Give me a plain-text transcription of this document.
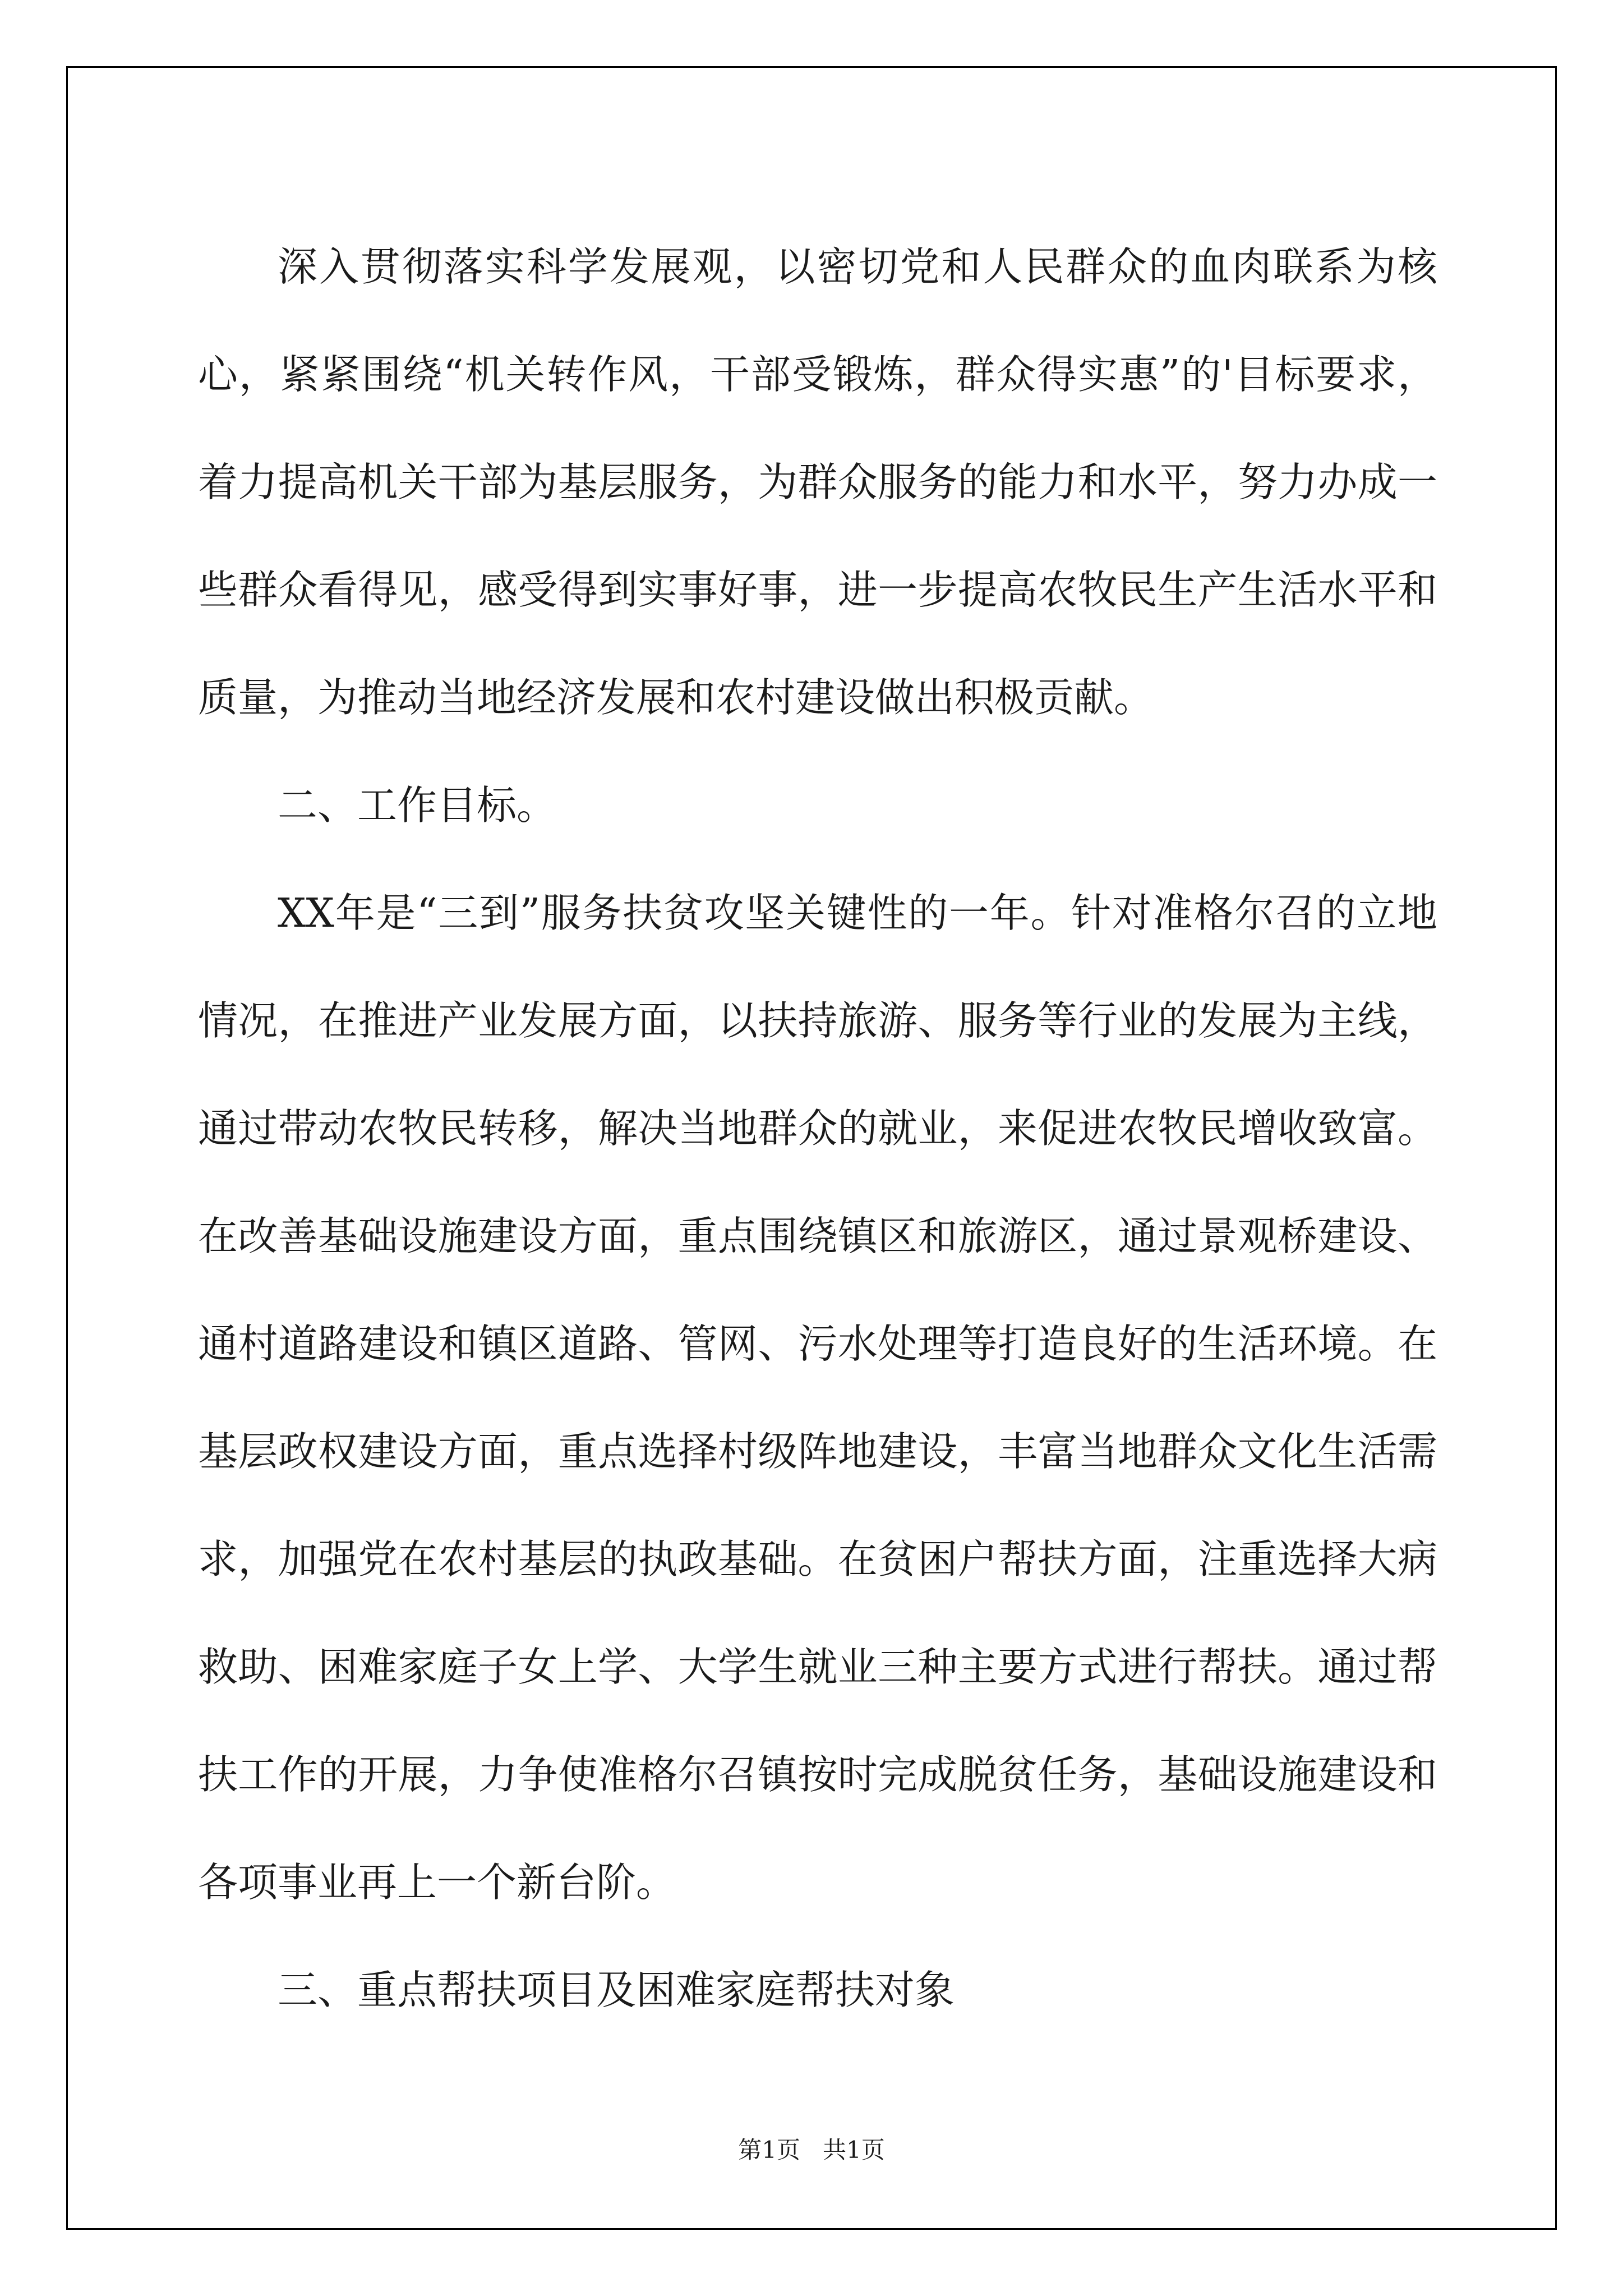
深入贯彻落实科学发展观，以密切党和人民群众的血肉联系为核心，紧紧围绕“机关转作风，干部受锻炼，群众得实惠”的'目标要求，着力提高机关干部为基层服务，为群众服务的能力和水平，努力办成一些群众看得见，感受得到实事好事，进一步提高农牧民生产生活水平和质量，为推动当地经济发展和农村建设做出积极贡献。

二、工作目标。

XX年是“三到”服务扶贫攻坚关键性的一年。针对准格尔召的立地情况，在推进产业发展方面，以扶持旅游、服务等行业的发展为主线，通过带动农牧民转移，解决当地群众的就业，来促进农牧民增收致富。在改善基础设施建设方面，重点围绕镇区和旅游区，通过景观桥建设、通村道路建设和镇区道路、管网、污水处理等打造良好的生活环境。在基层政权建设方面，重点选择村级阵地建设，丰富当地群众文化生活需求，加强党在农村基层的执政基础。在贫困户帮扶方面，注重选择大病救助、困难家庭子女上学、大学生就业三种主要方式进行帮扶。通过帮扶工作的开展，力争使准格尔召镇按时完成脱贫任务，基础设施建设和各项事业再上一个新台阶。

三、重点帮扶项目及困难家庭帮扶对象

第1页 共1页
